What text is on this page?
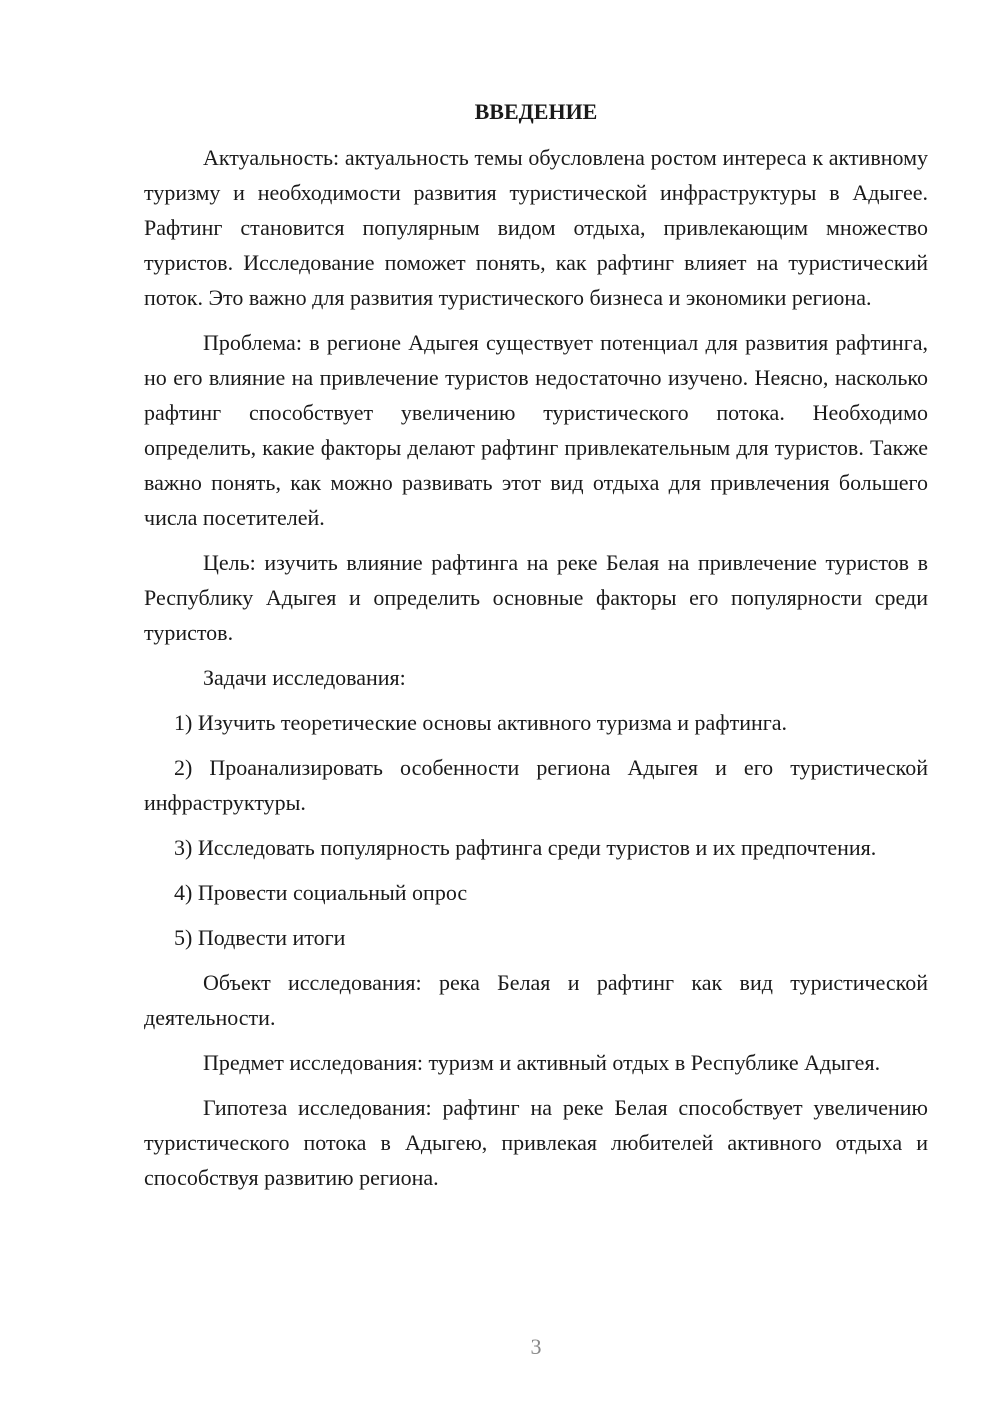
ВВЕДЕНИЕ

Актуальность: актуальность темы обусловлена ростом интереса к активному туризму и необходимости развития туристической инфраструктуры в Адыгее. Рафтинг становится популярным видом отдыха, привлекающим множество туристов. Исследование поможет понять, как рафтинг влияет на туристический поток. Это важно для развития туристического бизнеса и экономики региона.

Проблема: в регионе Адыгея существует потенциал для развития рафтинга, но его влияние на привлечение туристов недостаточно изучено. Неясно, насколько рафтинг способствует увеличению туристического потока. Необходимо определить, какие факторы делают рафтинг привлекательным для туристов. Также важно понять, как можно развивать этот вид отдыха для привлечения большего числа посетителей.

Цель: изучить влияние рафтинга на реке Белая на привлечение туристов в Республику Адыгея и определить основные факторы его популярности среди туристов.

Задачи исследования:

1) Изучить теоретические основы активного туризма и рафтинга.

2) Проанализировать особенности региона Адыгея и его туристической инфраструктуры.

3) Исследовать популярность рафтинга среди туристов и их предпочтения.

4) Провести социальный опрос

5) Подвести итоги

Объект исследования: река Белая и рафтинг как вид туристической деятельности.

Предмет исследования: туризм и активный отдых в Республике Адыгея.

Гипотеза исследования: рафтинг на реке Белая способствует увеличению туристического потока в Адыгею, привлекая любителей активного отдыха и способствуя развитию региона.

3
